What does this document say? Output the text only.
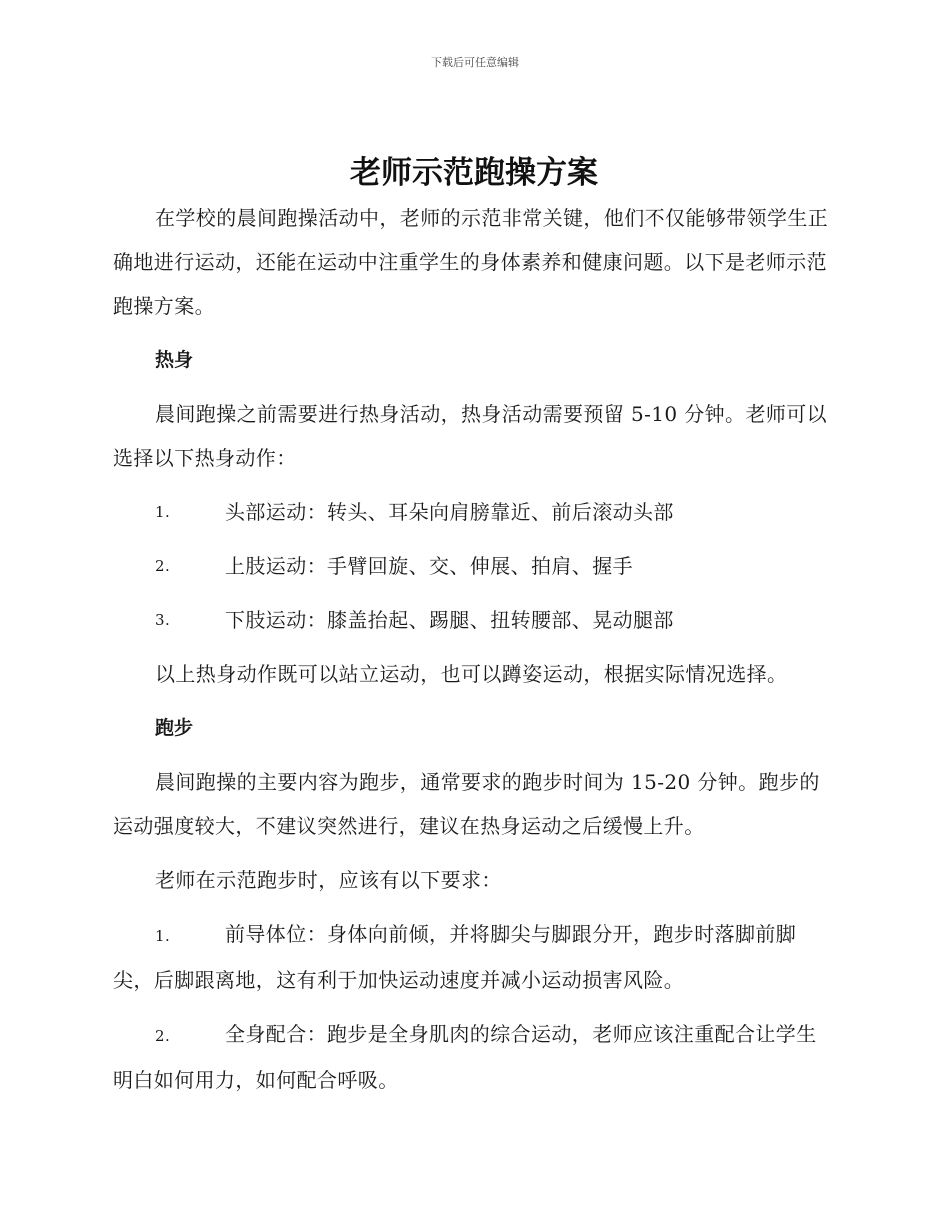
下载后可任意编辑
老师示范跑操方案

在学校的晨间跑操活动中，老师的示范非常关键，他们不仅能够带领学生正确地进行运动，还能在运动中注重学生的身体素养和健康问题。以下是老师示范跑操方案。

热身

晨间跑操之前需要进行热身活动，热身活动需要预留 5-10 分钟。老师可以选择以下热身动作：

1.	头部运动：转头、耳朵向肩膀靠近、前后滚动头部
2.	上肢运动：手臂回旋、交、伸展、拍肩、握手
3.	下肢运动：膝盖抬起、踢腿、扭转腰部、晃动腿部

以上热身动作既可以站立运动，也可以蹲姿运动，根据实际情况选择。

跑步

晨间跑操的主要内容为跑步，通常要求的跑步时间为 15-20 分钟。跑步的运动强度较大，不建议突然进行，建议在热身运动之后缓慢上升。

老师在示范跑步时，应该有以下要求：

1.	前导体位：身体向前倾，并将脚尖与脚跟分开，跑步时落脚前脚尖，后脚跟离地，这有利于加快运动速度并减小运动损害风险。

2.	全身配合：跑步是全身肌肉的综合运动，老师应该注重配合让学生明白如何用力，如何配合呼吸。
